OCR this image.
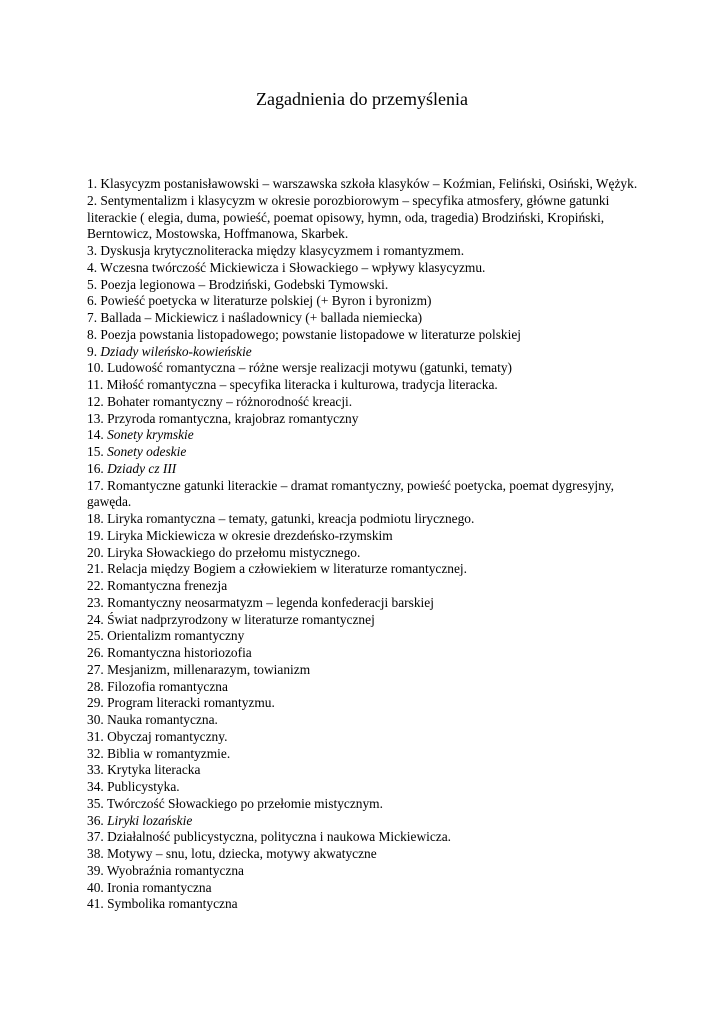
Zagadnienia do przemyślenia
1. Klasycyzm postanisławowski – warszawska szkoła klasyków – Koźmian, Feliński, Osiński, Wężyk.
2. Sentymentalizm i klasycyzm w okresie porozbiorowym – specyfika atmosfery, główne gatunki literackie ( elegia, duma, powieść, poemat opisowy, hymn, oda, tragedia) Brodziński, Kropiński, Berntowicz, Mostowska, Hoffmanowa, Skarbek.
3. Dyskusja krytycznoliteracka między klasycyzmem i romantyzmem.
4. Wczesna twórczość Mickiewicza i Słowackiego – wpływy klasycyzmu.
5. Poezja legionowa – Brodziński, Godebski Tymowski.
6. Powieść poetycka w literaturze polskiej (+ Byron i byronizm)
7. Ballada – Mickiewicz i naśladownicy (+ ballada niemiecka)
8. Poezja powstania listopadowego; powstanie listopadowe w literaturze polskiej
9. Dziady wileńsko-kowieńskie
10. Ludowość romantyczna – różne wersje realizacji motywu (gatunki, tematy)
11. Miłość romantyczna – specyfika literacka i kulturowa, tradycja literacka.
12. Bohater romantyczny – różnorodność kreacji.
13. Przyroda romantyczna, krajobraz romantyczny
14. Sonety krymskie
15. Sonety odeskie
16. Dziady cz III
17. Romantyczne gatunki literackie – dramat romantyczny, powieść poetycka, poemat dygresyjny, gawęda.
18. Liryka romantyczna – tematy, gatunki, kreacja podmiotu lirycznego.
19. Liryka Mickiewicza w okresie drezdeńsko-rzymskim
20. Liryka Słowackiego do przełomu mistycznego.
21. Relacja między Bogiem a człowiekiem w literaturze romantycznej.
22. Romantyczna frenezja
23. Romantyczny neosarmatyzm – legenda konfederacji barskiej
24. Świat nadprzyrodzony w literaturze romantycznej
25. Orientalizm romantyczny
26. Romantyczna historiozofia
27. Mesjanizm, millenarazym, towianizm
28. Filozofia romantyczna
29. Program literacki romantyzmu.
30. Nauka romantyczna.
31. Obyczaj romantyczny.
32. Biblia w romantyzmie.
33. Krytyka literacka
34. Publicystyka.
35. Twórczość Słowackiego po przełomie mistycznym.
36. Liryki lozańskie
37. Działalność publicystyczna, polityczna i naukowa Mickiewicza.
38. Motywy – snu, lotu, dziecka, motywy akwatyczne
39. Wyobraźnia romantyczna
40. Ironia romantyczna
41. Symbolika romantyczna
